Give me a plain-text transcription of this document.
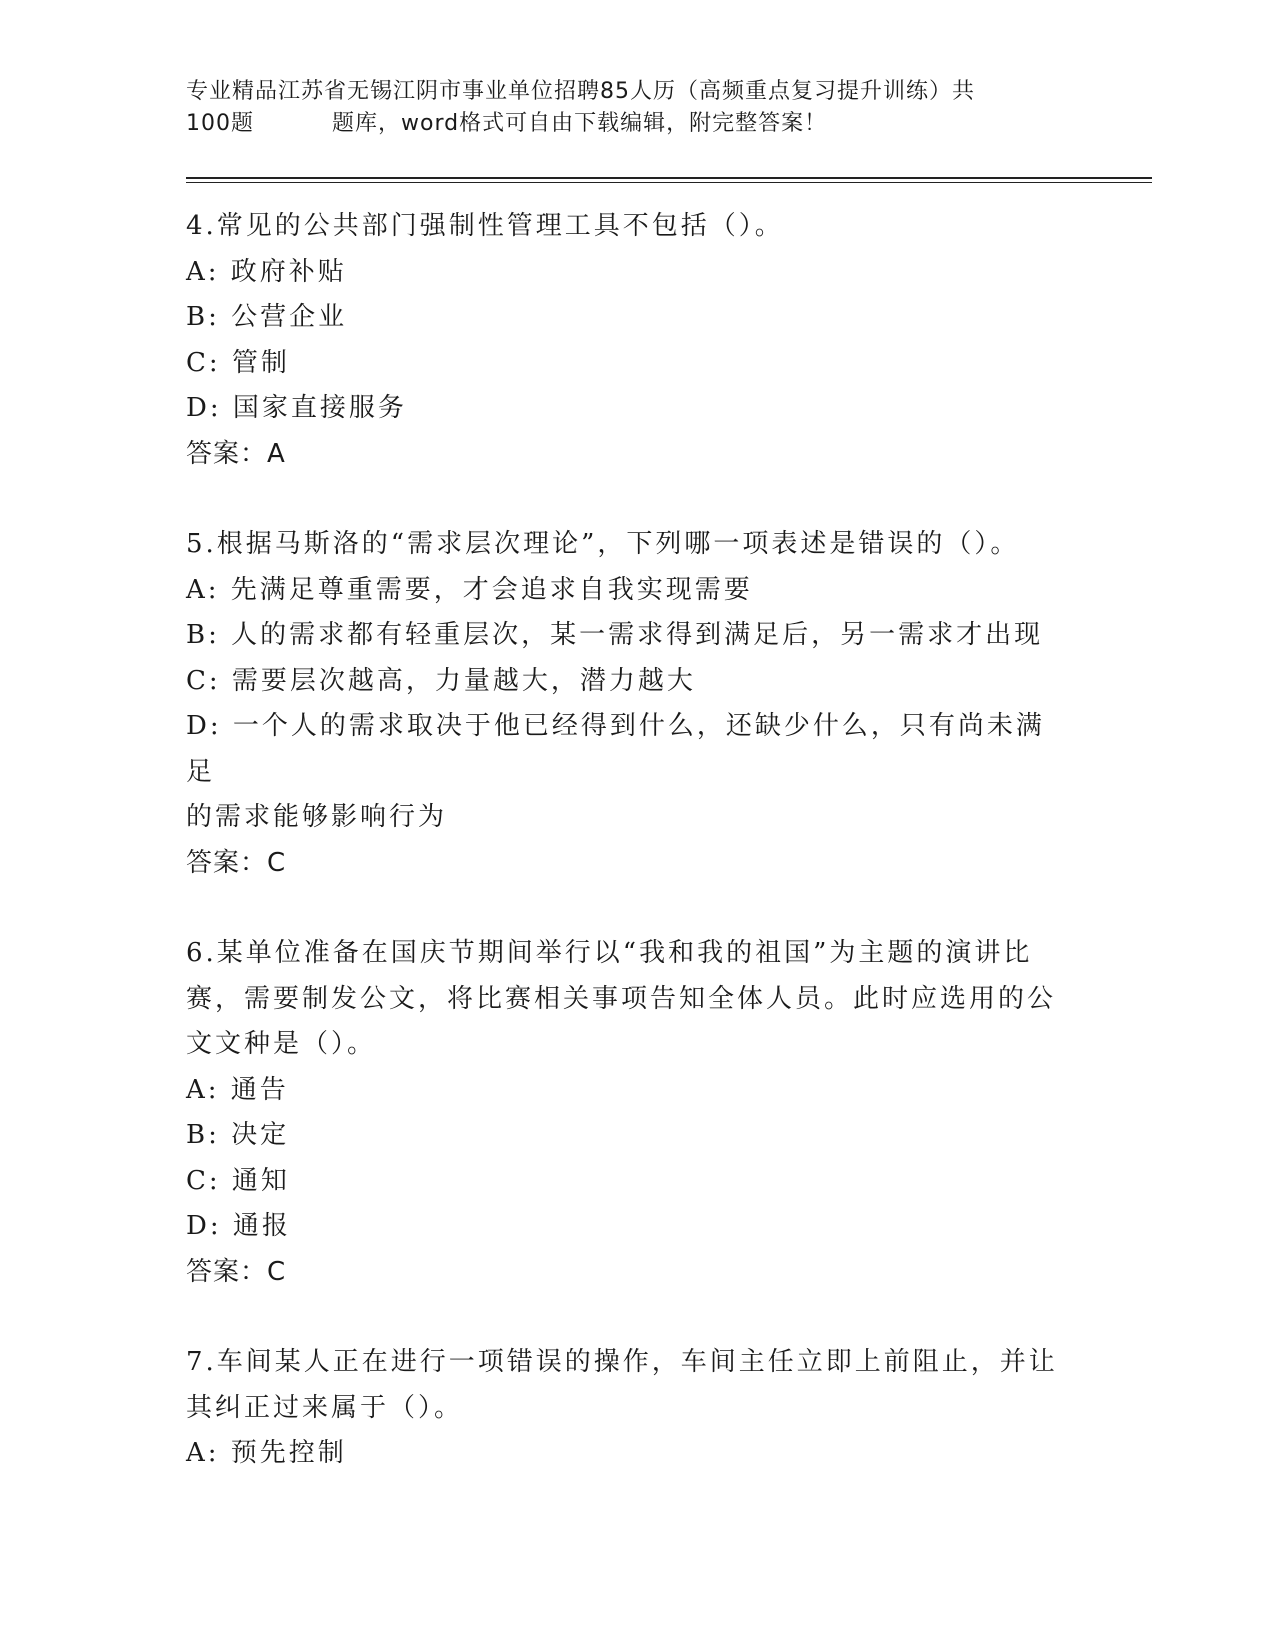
专业精品江苏省无锡江阴市事业单位招聘85人历（高频重点复习提升训练）共
100题	题库，word格式可自由下载编辑，附完整答案！

4.常见的公共部门强制性管理工具不包括（）。

A: 政府补贴

B: 公营企业

C: 管制

D: 国家直接服务

答案：A

5.根据马斯洛的“需求层次理论”，下列哪一项表述是错误的（）。

A: 先满足尊重需要，才会追求自我实现需要

B: 人的需求都有轻重层次，某一需求得到满足后，另一需求才出现

C: 需要层次越高，力量越大，潜力越大

D: 一个人的需求取决于他已经得到什么，还缺少什么，只有尚未满足

的需求能够影响行为

答案：C

6.某单位准备在国庆节期间举行以“我和我的祖国”为主题的演讲比

赛，需要制发公文，将比赛相关事项告知全体人员。此时应选用的公

文文种是（）。

A: 通告

B: 决定

C: 通知

D: 通报

答案：C

7.车间某人正在进行一项错误的操作，车间主任立即上前阻止，并让

其纠正过来属于（）。

A: 预先控制
